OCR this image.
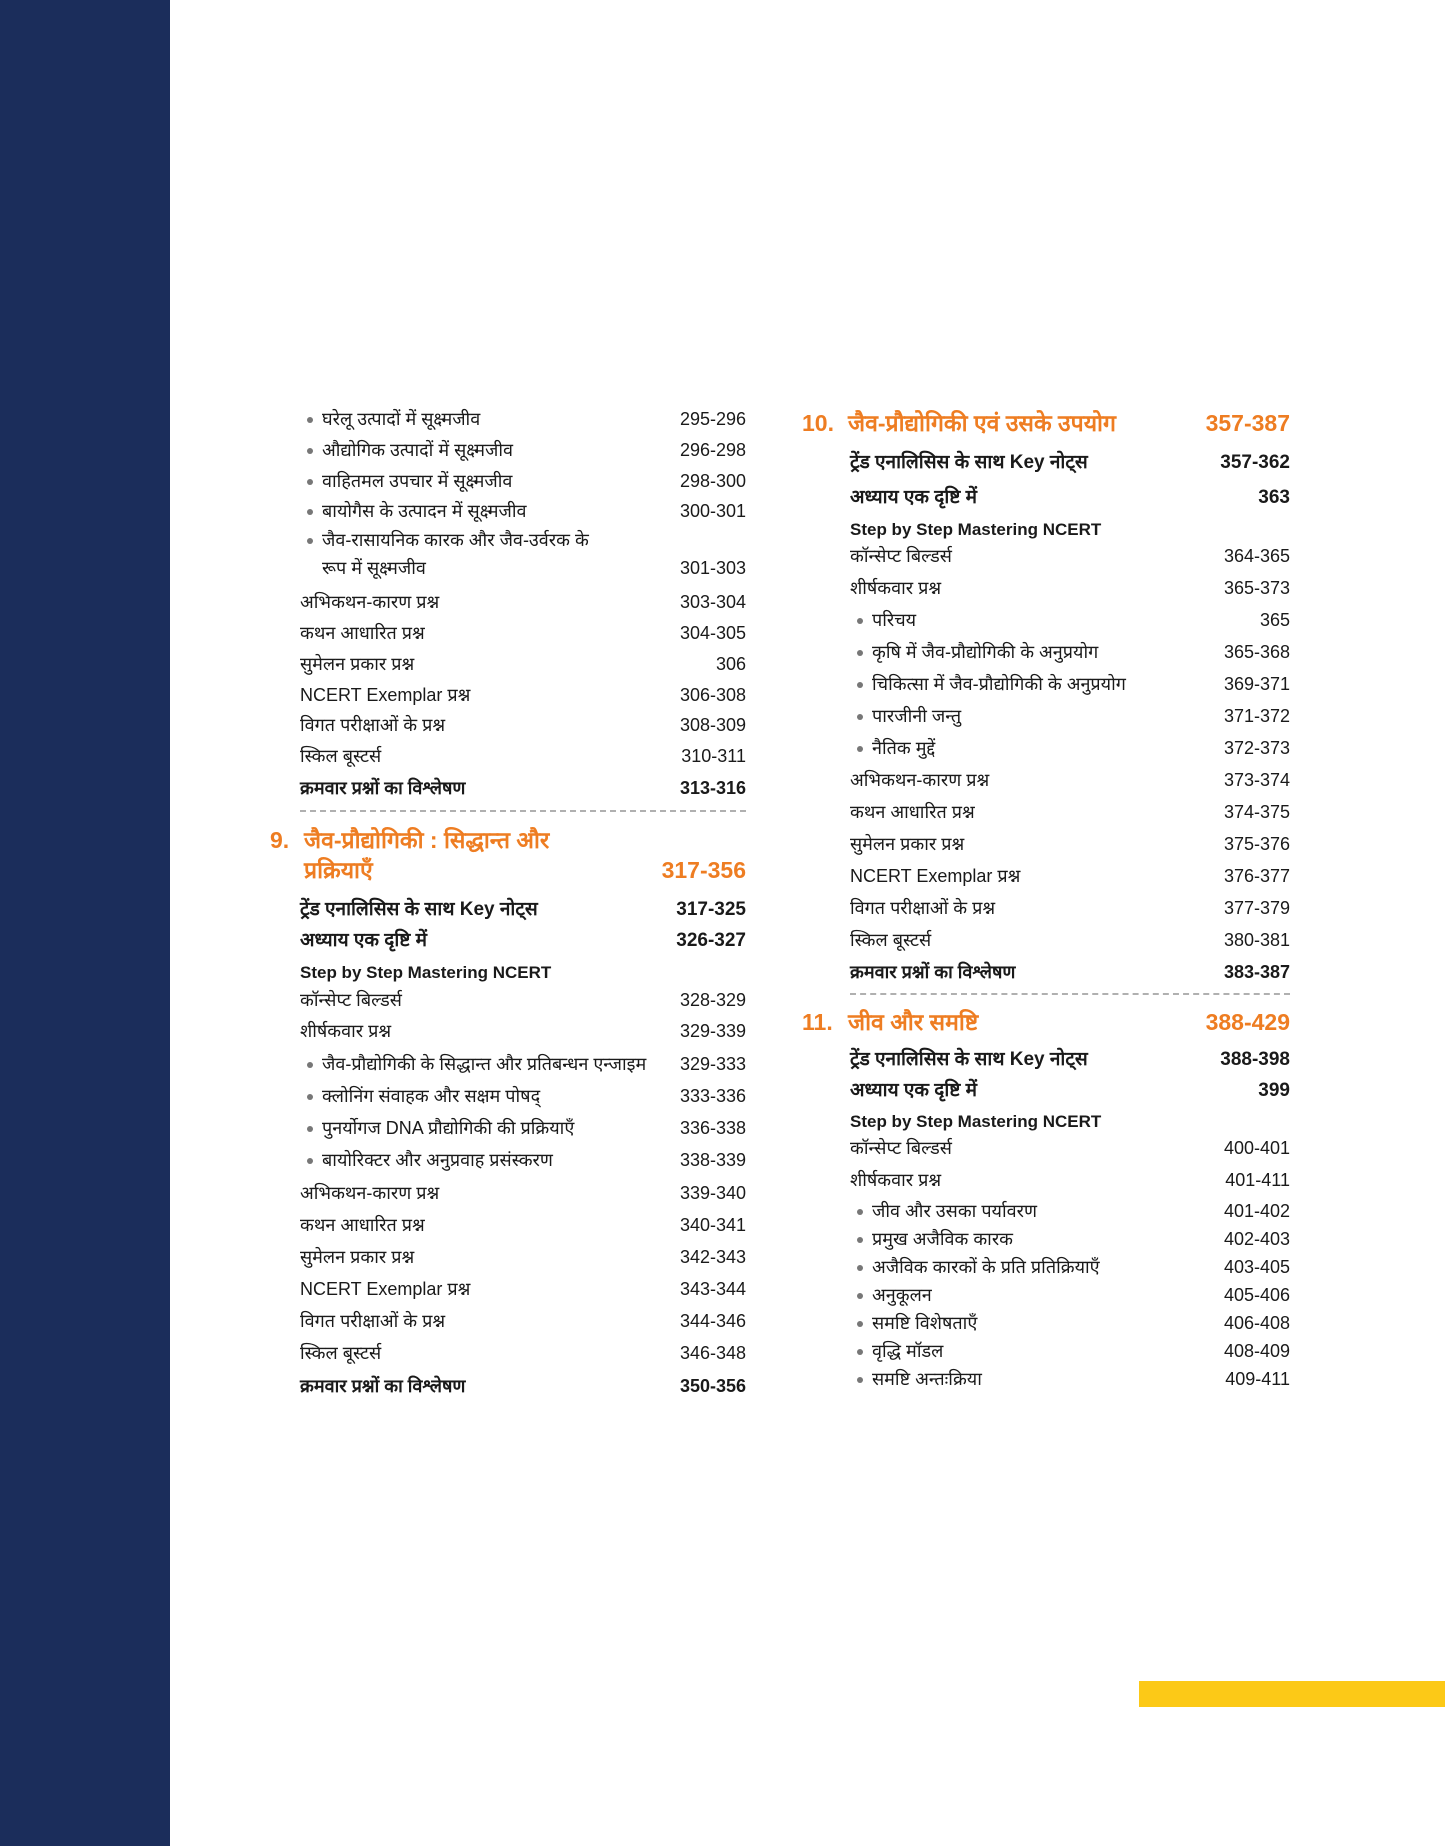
घरेलू उत्पादों में सूक्ष्मजीव	295-296
औद्योगिक उत्पादों में सूक्ष्मजीव	296-298
वाहितमल उपचार में सूक्ष्मजीव	298-300
बायोगैस के उत्पादन में सूक्ष्मजीव	300-301
जैव-रासायनिक कारक और जैव-उर्वरक के
रूप में सूक्ष्मजीव	301-303
अभिकथन-कारण प्रश्न	303-304
कथन आधारित प्रश्न	304-305
सुमेलन प्रकार प्रश्न	306
NCERT Exemplar प्रश्न	306-308
विगत परीक्षाओं के प्रश्न	308-309
स्किल बूस्टर्स	310-311
क्रमवार प्रश्नों का विश्लेषण	313-316
9. जैव-प्रौद्योगिकी : सिद्धान्त और
प्रक्रियाएँ	317-356
ट्रेंड एनालिसिस के साथ Key नोट्स	317-325
अध्याय एक दृष्टि में	326-327
Step by Step Mastering NCERT
कॉन्सेप्ट बिल्डर्स	328-329
शीर्षकवार प्रश्न	329-339
जैव-प्रौद्योगिकी के सिद्धान्त और प्रतिबन्धन एन्जाइम 329-333
क्लोनिंग संवाहक और सक्षम पोषद्	333-336
पुनर्योगज DNA प्रौद्योगिकी की प्रक्रियाएँ	336-338
बायोरिक्टर और अनुप्रवाह प्रसंस्करण	338-339
अभिकथन-कारण प्रश्न	339-340
कथन आधारित प्रश्न	340-341
सुमेलन प्रकार प्रश्न	342-343
NCERT Exemplar प्रश्न	343-344
विगत परीक्षाओं के प्रश्न	344-346
स्किल बूस्टर्स	346-348
क्रमवार प्रश्नों का विश्लेषण	350-356
10. जैव-प्रौद्योगिकी एवं उसके उपयोग	357-387
ट्रेंड एनालिसिस के साथ Key नोट्स	357-362
अध्याय एक दृष्टि में	363
Step by Step Mastering NCERT
कॉन्सेप्ट बिल्डर्स	364-365
शीर्षकवार प्रश्न	365-373
परिचय	365
कृषि में जैव-प्रौद्योगिकी के अनुप्रयोग	365-368
चिकित्सा में जैव-प्रौद्योगिकी के अनुप्रयोग	369-371
पारजीनी जन्तु	371-372
नैतिक मुद्दें	372-373
अभिकथन-कारण प्रश्न	373-374
कथन आधारित प्रश्न	374-375
सुमेलन प्रकार प्रश्न	375-376
NCERT Exemplar प्रश्न	376-377
विगत परीक्षाओं के प्रश्न	377-379
स्किल बूस्टर्स	380-381
क्रमवार प्रश्नों का विश्लेषण	383-387
11. जीव और समष्टि	388-429
ट्रेंड एनालिसिस के साथ Key नोट्स	388-398
अध्याय एक दृष्टि में	399
Step by Step Mastering NCERT
कॉन्सेप्ट बिल्डर्स	400-401
शीर्षकवार प्रश्न	401-411
जीव और उसका पर्यावरण	401-402
प्रमुख अजैविक कारक	402-403
अजैविक कारकों के प्रति प्रतिक्रियाएँ	403-405
अनुकूलन	405-406
समष्टि विशेषताएँ	406-408
वृद्धि मॉडल	408-409
समष्टि अन्तःक्रिया	409-411
